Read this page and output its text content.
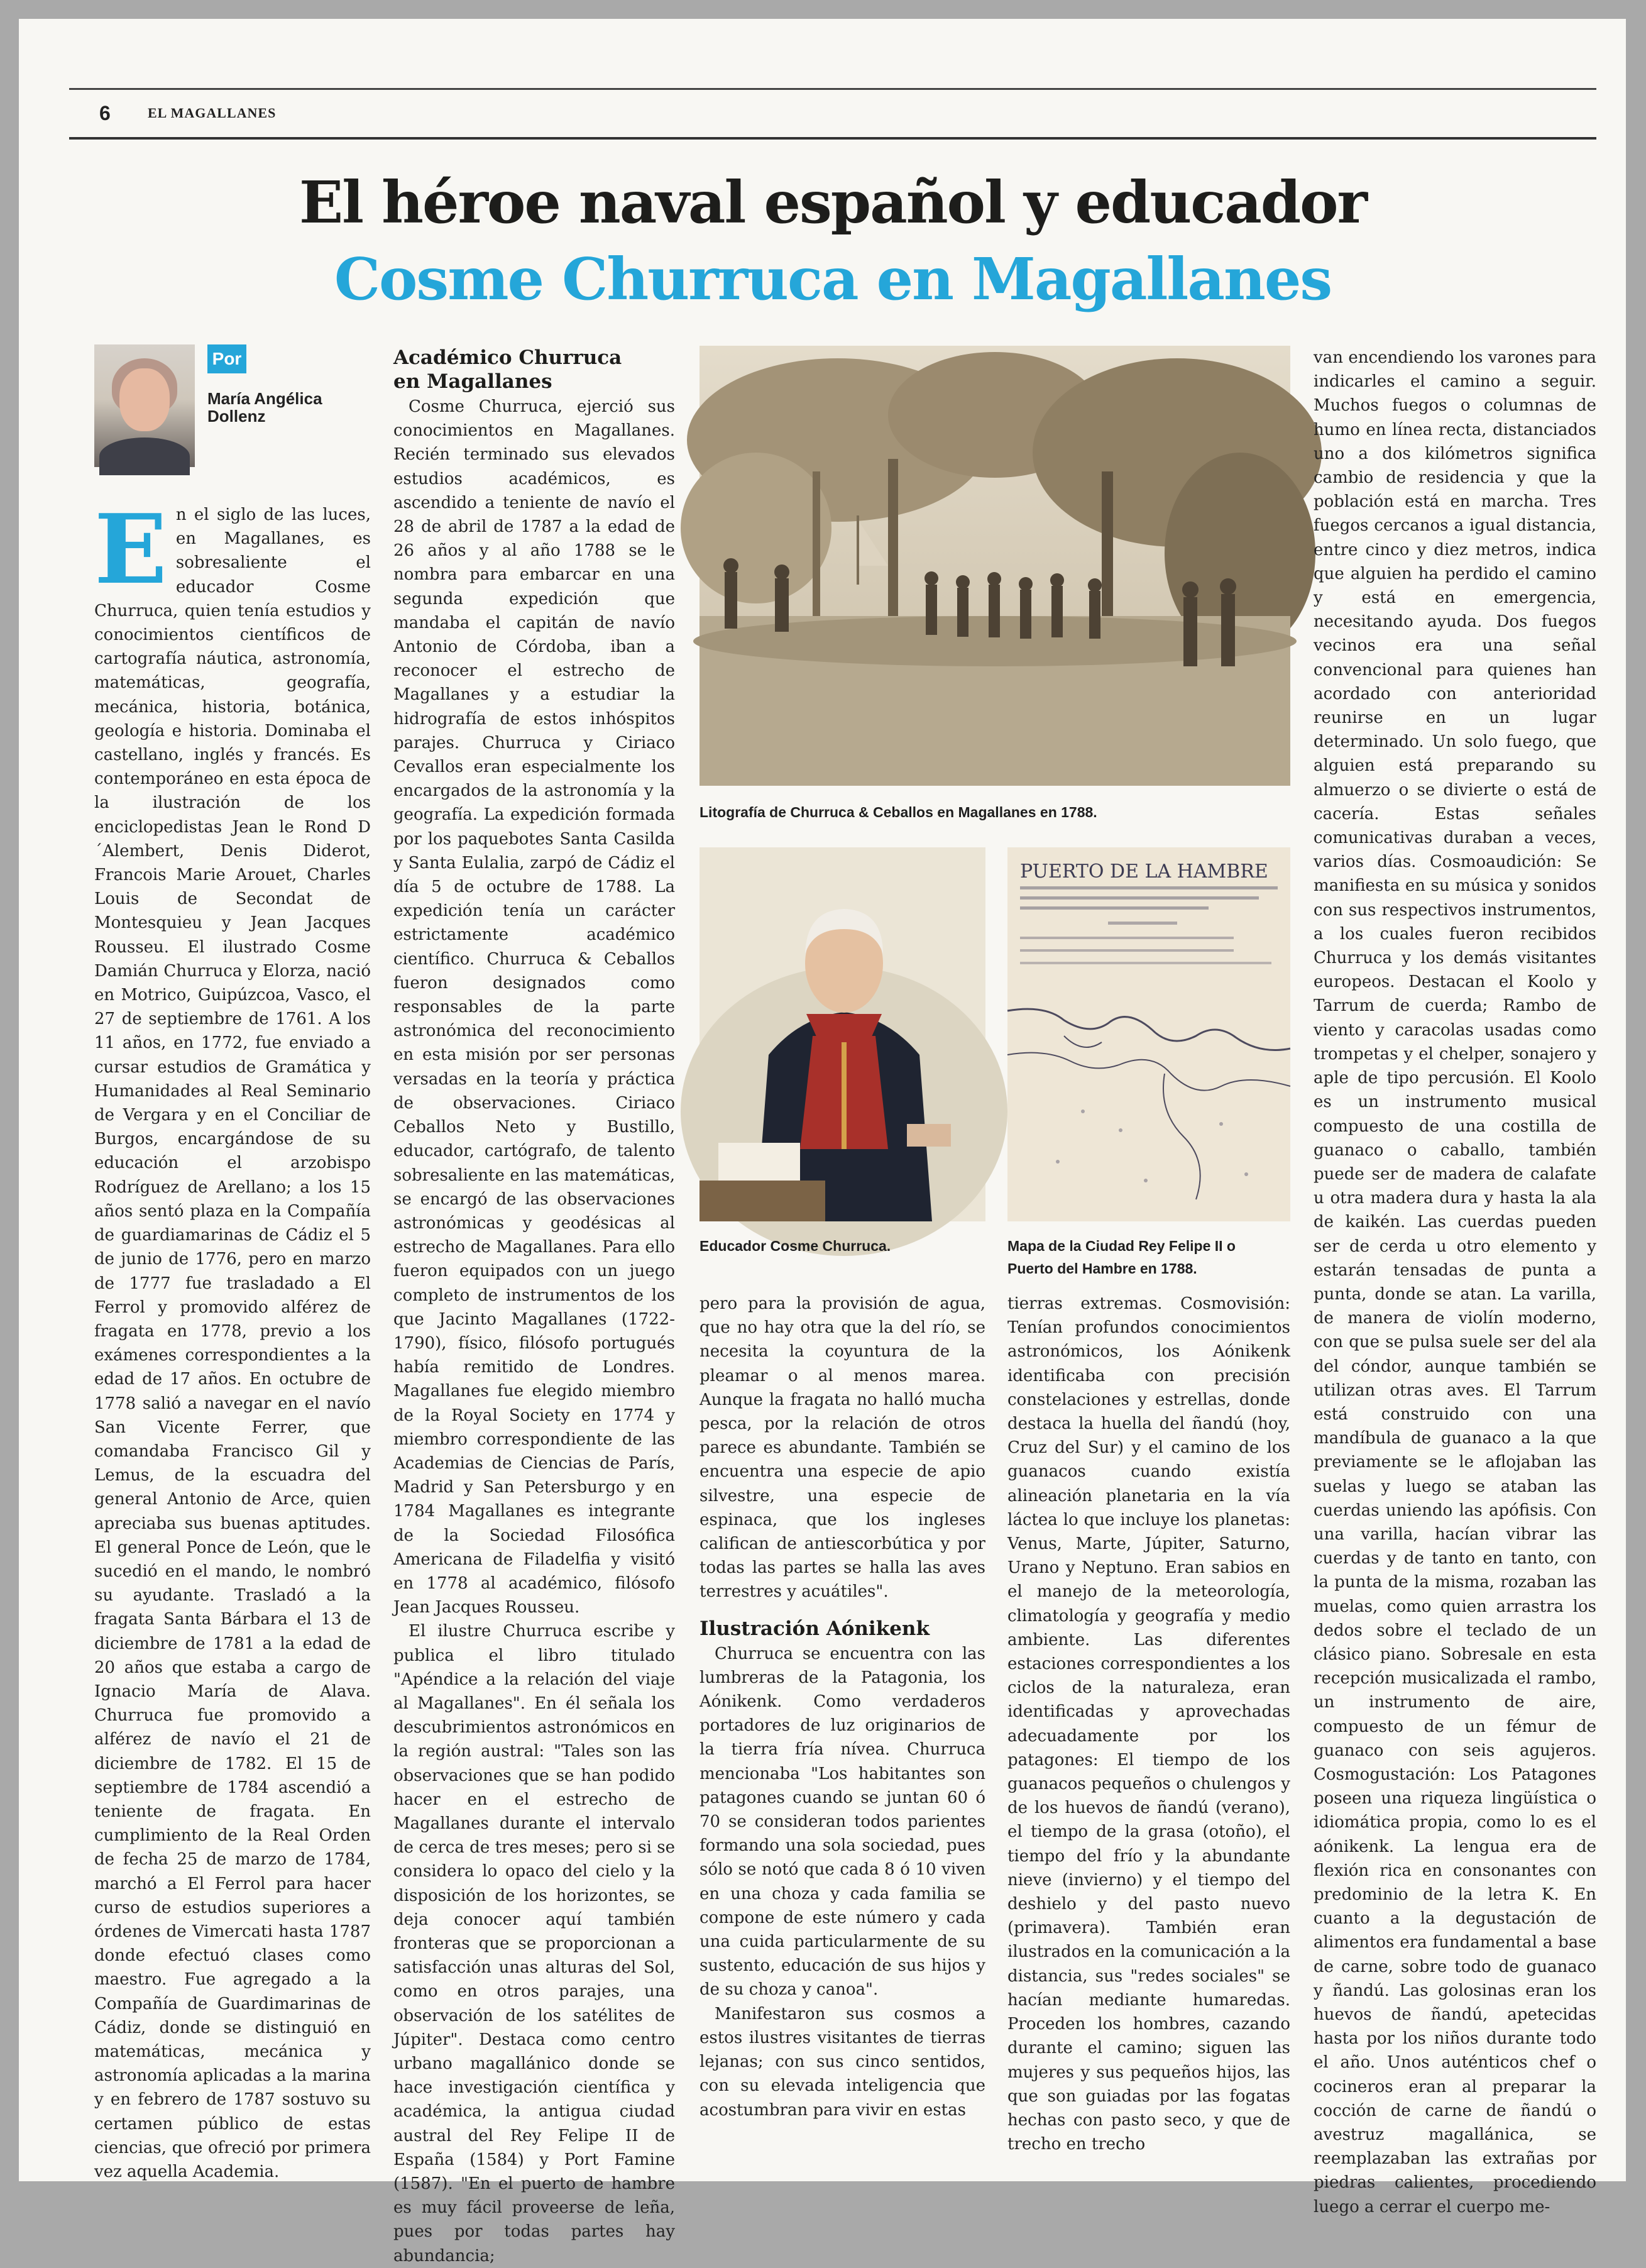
6	EL MAGALLANES
El héroe naval español y educador
Cosme Churruca en Magallanes
Por
María Angélica
Dollenz

En el siglo de las luces, en Magallanes, es sobresaliente el educador Cosme Churruca, quien tenía estudios y conocimientos científicos de cartografía náutica, astronomía, matemáticas, geografía, mecánica, historia, botánica, geología e historia. Dominaba el castellano, inglés y francés. Es contemporáneo en esta época de la ilustración de los enciclopedistas Jean le Rond D´Alembert, Denis Diderot, Francois Marie Arouet, Charles Louis de Secondat de Montesquieu y Jean Jacques Rousseu. El ilustrado Cosme Damián Churruca y Elorza, nació en Motrico, Guipúzcoa, Vasco, el 27 de septiembre de 1761. A los 11 años, en 1772, fue enviado a cursar estudios de Gramática y Humanidades al Real Seminario de Vergara y en el Conciliar de Burgos, encargándose de su educación el arzobispo Rodríguez de Arellano; a los 15 años sentó plaza en la Compañía de guardiamarinas de Cádiz el 5 de junio de 1776, pero en marzo de 1777 fue trasladado a El Ferrol y promovido alférez de fragata en 1778, previo a los exámenes correspondientes a la edad de 17 años. En octubre de 1778 salió a navegar en el navío San Vicente Ferrer, que comandaba Francisco Gil y Lemus, de la escuadra del general Antonio de Arce, quien apreciaba sus buenas aptitudes. El general Ponce de León, que le sucedió en el mando, le nombró su ayudante. Trasladó a la fragata Santa Bárbara el 13 de diciembre de 1781 a la edad de 20 años que estaba a cargo de Ignacio María de Alava. Churruca fue promovido a alférez de navío el 21 de diciembre de 1782. El 15 de septiembre de 1784 ascendió a teniente de fragata. En cumplimiento de la Real Orden de fecha 25 de marzo de 1784, marchó a El Ferrol para hacer curso de estudios superiores a órdenes de Vimercati hasta 1787 donde efectuó clases como maestro. Fue agregado a la Compañía de Guardimarinas de Cádiz, donde se distinguió en matemáticas, mecánica y astronomía aplicadas a la marina y en febrero de 1787 sostuvo su certamen público de estas ciencias, que ofreció por primera vez aquella Academia.

Académico Churruca
en Magallanes

Cosme Churruca, ejerció sus conocimientos en Magallanes. Recién terminado sus elevados estudios académicos, es ascendido a teniente de navío el 28 de abril de 1787 a la edad de 26 años y al año 1788 se le nombra para embarcar en una segunda expedición que mandaba el capitán de navío Antonio de Córdoba, iban a reconocer el estrecho de Magallanes y a estudiar la hidrografía de estos inhóspitos parajes. Churruca y Ciriaco Cevallos eran especialmente los encargados de la astronomía y la geografía. La expedición formada por los paquebotes Santa Casilda y Santa Eulalia, zarpó de Cádiz el día 5 de octubre de 1788. La expedición tenía un carácter estrictamente académico científico. Churruca & Ceballos fueron designados como responsables de la parte astronómica del reconocimiento en esta misión por ser personas versadas en la teoría y práctica de observaciones. Ciriaco Ceballos Neto y Bustillo, educador, cartógrafo, de talento sobresaliente en las matemáticas, se encargó de las observaciones astronómicas y geodésicas al estrecho de Magallanes. Para ello fueron equipados con un juego completo de instrumentos de los que Jacinto Magallanes (1722-1790), físico, filósofo portugués había remitido de Londres. Magallanes fue elegido miembro de la Royal Society en 1774 y miembro correspondiente de las Academias de Ciencias de París, Madrid y San Petersburgo y en 1784 Magallanes es integrante de la Sociedad Filosófica Americana de Filadelfia y visitó en 1778 al académico, filósofo Jean Jacques Rousseu.

El ilustre Churruca escribe y publica el libro titulado "Apéndice a la relación del viaje al Magallanes". En él señala los descubrimientos astronómicos en la región austral: "Tales son las observaciones que se han podido hacer en el estrecho de Magallanes durante el intervalo de cerca de tres meses; pero si se considera lo opaco del cielo y la disposición de los horizontes, se deja conocer aquí también fronteras que se proporcionan a satisfacción unas alturas del Sol, como en otros parajes, una observación de los satélites de Júpiter". Destaca como centro urbano magallánico donde se hace investigación científica y académica, la antigua ciudad austral del Rey Felipe II de España (1584) y Port Famine (1587). "En el puerto de hambre es muy fácil proveerse de leña, pues por todas partes hay abundancia;

Litografía de Churruca & Ceballos en Magallanes en 1788.
Educador Cosme Churruca.
PUERTO DE LA HAMBRE
Mapa de la Ciudad Rey Felipe II o
Puerto del Hambre en 1788.

pero para la provisión de agua, que no hay otra que la del río, se necesita la coyuntura de la pleamar o al menos marea. Aunque la fragata no halló mucha pesca, por la relación de otros parece es abundante. También se encuentra una especie de apio silvestre, una especie de espinaca, que los ingleses califican de antiescorbútica y por todas las partes se halla las aves terrestres y acuátiles".

Ilustración Aónikenk

Churruca se encuentra con las lumbreras de la Patagonia, los Aónikenk. Como verdaderos portadores de luz originarios de la tierra fría nívea. Churruca mencionaba "Los habitantes son patagones cuando se juntan 60 ó 70 se consideran todos parientes formando una sola sociedad, pues sólo se notó que cada 8 ó 10 viven en una choza y cada familia se compone de este número y cada una cuida particularmente de su sustento, educación de sus hijos y de su choza y canoa".

Manifestaron sus cosmos a estos ilustres visitantes de tierras lejanas; con sus cinco sentidos, con su elevada inteligencia que acostumbran para vivir en estas

tierras extremas. Cosmovisión: Tenían profundos conocimientos astronómicos, los Aónikenk identificaba con precisión constelaciones y estrellas, donde destaca la huella del ñandú (hoy, Cruz del Sur) y el camino de los guanacos cuando existía alineación planetaria en la vía láctea lo que incluye los planetas: Venus, Marte, Júpiter, Saturno, Urano y Neptuno. Eran sabios en el manejo de la meteorología, climatología y geografía y medio ambiente. Las diferentes estaciones correspondientes a los ciclos de la naturaleza, eran identificadas y aprovechadas adecuadamente por los patagones: El tiempo de los guanacos pequeños o chulengos y de los huevos de ñandú (verano), el tiempo de la grasa (otoño), el tiempo del frío y la abundante nieve (invierno) y el tiempo del deshielo y del pasto nuevo (primavera). También eran ilustrados en la comunicación a la distancia, sus "redes sociales" se hacían mediante humaredas. Proceden los hombres, cazando durante el camino; siguen las mujeres y sus pequeños hijos, las que son guiadas por las fogatas hechas con pasto seco, y que de trecho en trecho

van encendiendo los varones para indicarles el camino a seguir. Muchos fuegos o columnas de humo en línea recta, distanciados uno a dos kilómetros significa cambio de residencia y que la población está en marcha. Tres fuegos cercanos a igual distancia, entre cinco y diez metros, indica que alguien ha perdido el camino y está en emergencia, necesitando ayuda. Dos fuegos vecinos era una señal convencional para quienes han acordado con anterioridad reunirse en un lugar determinado. Un solo fuego, que alguien está preparando su almuerzo o se divierte o está de cacería. Estas señales comunicativas duraban a veces, varios días. Cosmoaudición: Se manifiesta en su música y sonidos con sus respectivos instrumentos, a los cuales fueron recibidos Churruca y los demás visitantes europeos. Destacan el Koolo y Tarrum de cuerda; Rambo de viento y caracolas usadas como trompetas y el chelper, sonajero y aple de tipo percusión. El Koolo es un instrumento musical compuesto de una costilla de guanaco o caballo, también puede ser de madera de calafate u otra madera dura y hasta la ala de kaikén. Las cuerdas pueden ser de cerda u otro elemento y estarán tensadas de punta a punta, donde se atan. La varilla, de manera de violín moderno, con que se pulsa suele ser del ala del cóndor, aunque también se utilizan otras aves. El Tarrum está construido con una mandíbula de guanaco a la que previamente se le aflojaban las suelas y luego se ataban las cuerdas uniendo las apófisis. Con una varilla, hacían vibrar las cuerdas y de tanto en tanto, con la punta de la misma, rozaban las muelas, como quien arrastra los dedos sobre el teclado de un clásico piano. Sobresale en esta recepción musicalizada el rambo, un instrumento de aire, compuesto de un fémur de guanaco con seis agujeros. Cosmogustación: Los Patagones poseen una riqueza lingüística o idiomática propia, como lo es el aónikenk. La lengua era de flexión rica en consonantes con predominio de la letra K. En cuanto a la degustación de alimentos era fundamental a base de carne, sobre todo de guanaco y ñandú. Las golosinas eran los huevos de ñandú, apetecidas hasta por los niños durante todo el año. Unos auténticos chef o cocineros eran al preparar la cocción de carne de ñandú o avestruz magallánica, se reemplazaban las extrañas por piedras calientes, procediendo luego a cerrar el cuerpo me-
